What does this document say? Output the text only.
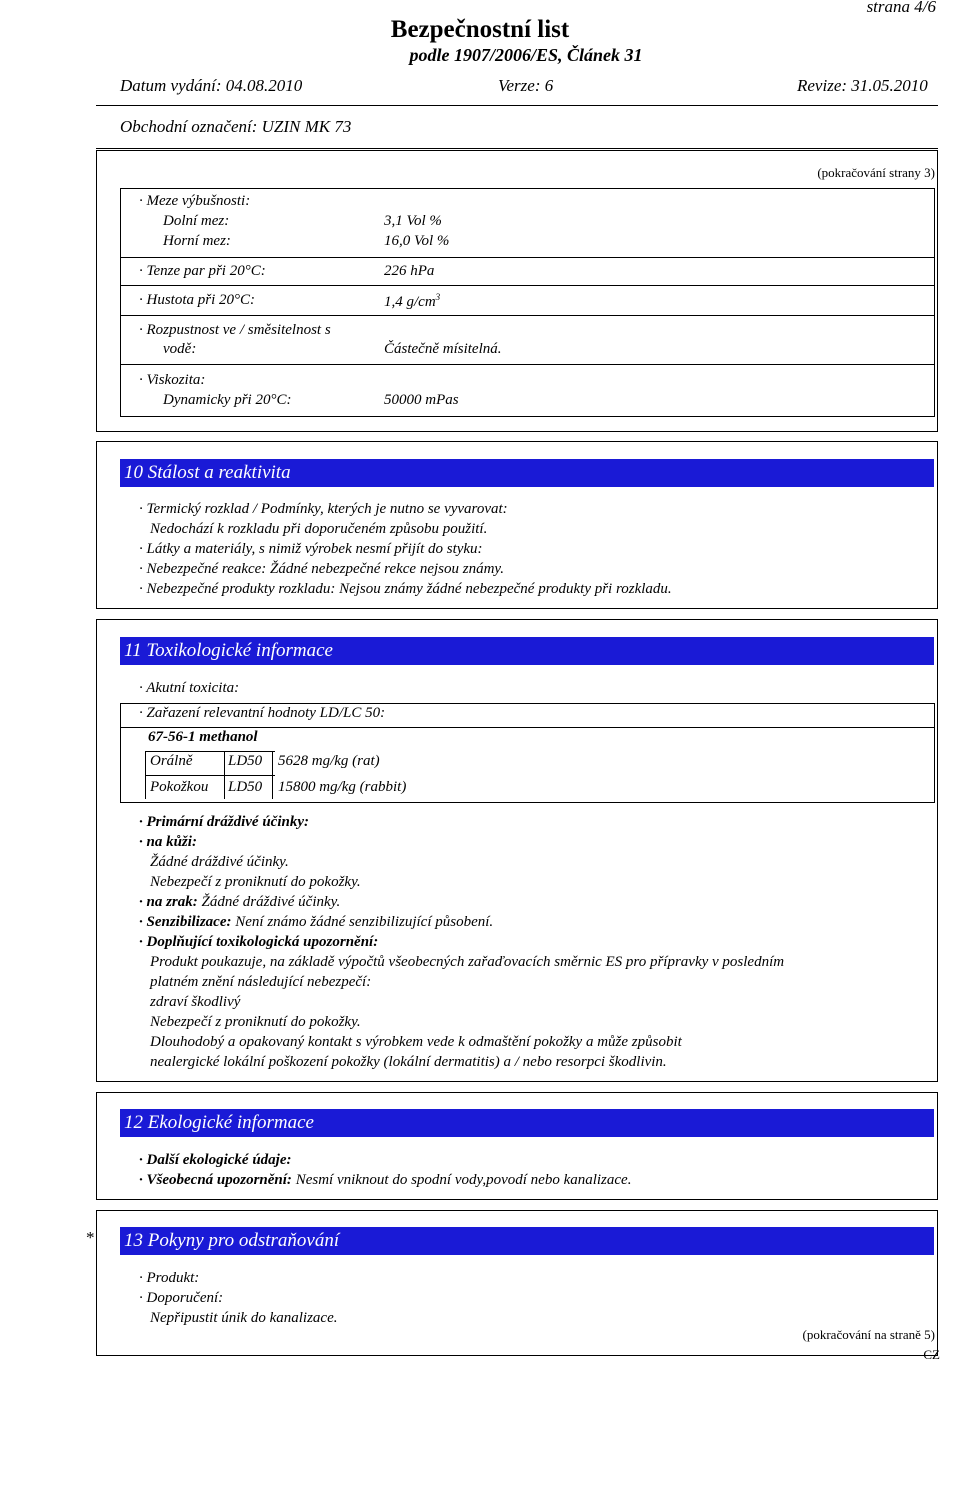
strana 4/6
Bezpečnostní list
podle 1907/2006/ES, Článek 31
Datum vydání: 04.08.2010	Verze: 6	Revize: 31.05.2010
Obchodní označení: UZIN MK 73
(pokračování strany 3)
· Meze výbušnosti:
Dolní mez:	3,1 Vol %
Horní mez:	16,0 Vol %
· Tenze par při 20°C:	226 hPa
· Hustota při 20°C:	1,4 $g/cm^3$
· Rozpustnost ve / směsitelnost s
vodě:	Částečně mísitelná.
· Viskozita:
Dynamicky při 20°C:	50000 mPas
10 Stálost a reaktivita
· Termický rozklad / Podmínky, kterých je nutno se vyvarovat:
Nedochází k rozkladu při doporučeném způsobu použití.
· Látky a materiály, s nimiž výrobek nesmí přijít do styku:
· Nebezpečné reakce: Žádné nebezpečné rekce nejsou známy.
· Nebezpečné produkty rozkladu: Nejsou známy žádné nebezpečné produkty při rozkladu.
11 Toxikologické informace
· Akutní toxicita:
· Zařazení relevantní hodnoty LD/LC 50:
67-56-1 methanol
Orálně LD50 5628 mg/kg (rat)
Pokožkou LD50 15800 mg/kg (rabbit)
· Primární dráždivé účinky:
· na kůži:
Žádné dráždivé účinky.
Nebezpečí z proniknutí do pokožky.
· na zrak: Žádné dráždivé účinky.
· Senzibilizace: Není známo žádné senzibilizující působení.
· Doplňující toxikologická upozornění:
Produkt poukazuje, na základě výpočtů všeobecných zařaďovacích směrnic ES pro přípravky v posledním
platném znění následující nebezpečí:
zdraví škodlivý
Nebezpečí z proniknutí do pokožky.
Dlouhodobý a opakovaný kontakt s výrobkem vede k odmaštění pokožky a může způsobit
nealergické lokální poškození pokožky (lokální dermatitis) a / nebo resorpci škodlivin.
12 Ekologické informace
· Další ekologické údaje:
· Všeobecná upozornění: Nesmí vniknout do spodní vody,povodí nebo kanalizace.
* 13 Pokyny pro odstraňování
· Produkt:
· Doporučení:
Nepřipustit únik do kanalizace.
(pokračování na straně 5)
CZ
